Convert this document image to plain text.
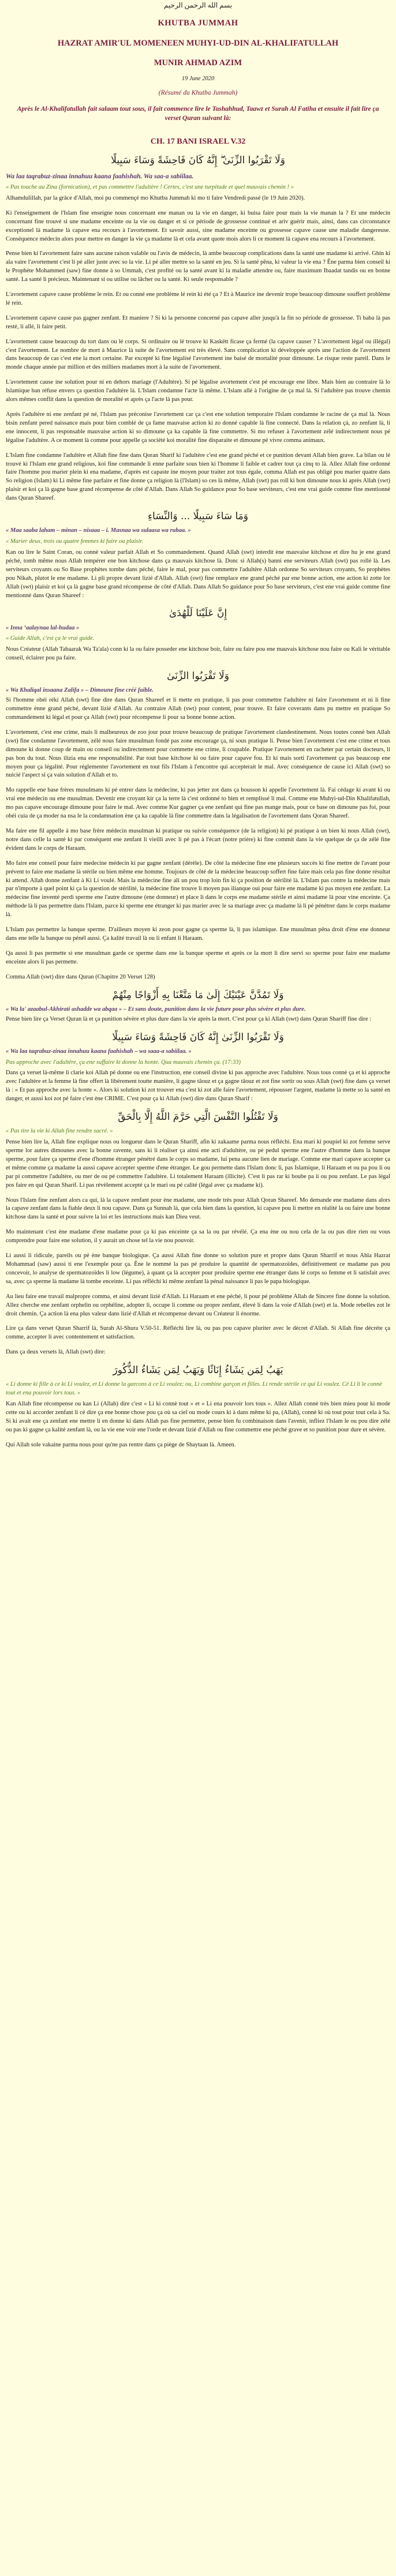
بسم الله الرحمن الرحيم
KHUTBA JUMMAH
HAZRAT AMIR'UL MOMENEEN MUHYI-UD-DIN AL-KHALIFATULLAH
MUNIR AHMAD AZIM
19 June 2020
(Résumé du Khutba Jummah)
Après le Al-Khalifatullah fait salaam tout sous, il fait commence lire le Tashahhud, Taawz et Surah Al Fatiha et ensuite il fait lire ça verset Quran suivant là:
CH. 17 BANI ISRAEL V.32
وَلَا تَقْرَبُوا الزِّنَىٰ ۖ إِنَّهُ كَانَ فَاحِشَةً وَسَاءَ سَبِيلًا
Wa laa taqrabuz-zinaa innahuu kaana faahishah. Wa saa-a sabiilaa.
« Pas touche au Zina (fornication), et pas commettre l'adultère ! Certes, c'est une turpitude et quel mauvais chemin ! »

Alhamdulillah, par la grâce d'Allah, moi pu commençé mo Khutba Jummah ki mo ti faire Vendredi passé (le 19 Juin 2020).

Ki l'enseignement de l'Islam fine enseigne nous concernant ene manan ou la vie en danger, ki buisa faire pour mais la vie manan la ? Et une médecin concernant fine trouvé si une madame enceinte ou la vie ou danger et si ce période de grossesse continué et ariv guérir mais, ainsi, dans cas circonstance exceptionel là madame là capave ena recours à l'avortement. Et savoir aussi, sine madame enceinte ou grossesse capave cause une maladie dangereuse. Conséquence médecin alors pour mettre en danger la vie ça madame là et cela avant quote mois alors li ce moment là capave ena recours à l'avortement.

Pense bien ki l'avortement faire sans aucune raison valable ou l'avis de médecin, là ambe beaucoup complications dans la santé une madame ki arrivé. Ghin ki ala vaire l'avortement c'est li pé aller juste avec so la vie. Li pé aller mettre so la santé en jeu. Si la santé pêna, ki valeur la vie ena ? Êne parma bien conseil ki le Prophète Mohammed (saw) fine donne à so Ummah, c'est profité ou la santé avant ki la maladie attendre ou, faire maximum Ibaadat tandis ou en bonne santé. La santé li précieux. Maintenant si ou utilise ou lâcher ou la santé. Ki seule responsable ?

L'avortement capave cause problème le rein. Et ou conné ene problème lé rein ki été ça ? Et à Maurice ine devenir trope beaucoup dimoune souffert problème lé rein.

L'avortement capave cause pas gagner zenfant. Et maniere ? Si ki la personne concerné pas capave aller jusqu'à la fin so période de grossesse. Ti baba là pas resté, li allé, li faire petit.

L'avortement cause beaucoup du tort dans ou lé corps. Si ordinaire ou lé trouve ki Kaskëtt ficase ça fermé (la capave causer ? L'avortement légal ou illégal) c'est l'avortement. Le nombre de mort à Maurice là suite de l'avortement est très élevé. Sans complication ki développée après une l'action de l'avortement dans beaucoup de cas c'est ene la mort certaine. Par excepté ki fine légalisé l'avortement ine baisé de mortalité pour dimoune. Le risque reste pareil. Dans le monde chaque année par million et des milliers madames mort à la suite de l'avortement.

L'avortement cause ine solution pour ni en dehors mariage (l'Adultère). Si pé légalise avortement c'est pé encourage ene libre. Mais bien au contraire là lo Islamique ban réfuse envers ça question l'adultère là. L'Islam condamne l'acte là même. L'Islam allé à l'origine de ça mal là. Si l'adultère pas trouve chemin alors mêmes conflit dans la question de moralité et après ça l'acte là pas pour.

Après l'adultère ni ene zenfant pé né, l'Islam pas préconise l'avortement car ça c'est ene solution temporaire l'Islam condamne le racine de ça mal là. Nous bisin zenfant pered naissance mais pour bien comblé de ça fame mauvaise action ki zo donné capable là fine connecté. Dans la relation çà, zo zenfant là, li ene innocent, li pas responsable mauvaise action ki so dimoune ça ka capable là fine commettre. Si mo refuser à l'avortement zélé indirectement nous pé légalise l'adultère. A ce moment là comme pour appelle ça société koi moralité fine disparaite et dimoune pé vivre comma animaux.

L'Islam fine condamne l'adultère et Allah fine fine dans Qoran Sharif ki l'adultère c'est ene grand péché et ce punition devant Allah bien grave. La bilan ou lé trouvé ki l'Islam ene grand religious, koi fine commande li enne parfaite sous bien ki l'homme li faible et cadrer tout ça cinq to là. Allez Allah fine ordonné faire l'homme pou marier plein ki ena madame, d'après est capaste ine moyen pour traiter zot tous égale, comma Allah est pas obligé pou marier quatre dans So religion (Islam) ki Li même fine parfaire et fine donne ça religion là (l'Islam) so ces là même, Allah (swt) pas roll ki bon dimoune nous ki après Allah (swt) plaisir et koi ça là gagne base grand récompense de côté d'Allah. Dans Allah So guidance pour So base serviteurs, c'est ene vrai guide comme fine mentionné dans Quran Shareef.

وَمَا سَاءَ سَبِيلًا ... وَالنِّسَاءِ
« Maa saaba laham – minan – nisaaa – i. Masnaa wa sulaasa wa rubaa. »
« Marier deux, trois ou quatre femmes ki faire ou plaisir.

Kan ou lire le Saint Coran, ou connè valeur parfait Allah et So commandement. Quand Allah (swt) interdit ène mauvaise kitchose et dire hu je ene grand péché, tomb même nous Allah tempérer ene bon kitchose dans ça mauvais kitchose là. Donc si Allah(s) banni ene serviteurs Allah (swt) pas rollé là. Les serviteurs croyants ou So Base prophètes tombe dans péché, faire le mal, pour pas commettre l'adultère Allah ordonne So serviteurs croyants, So prophètes pou Nikah, plutot le ene madame. Li pli propre devant lizié d'Allah. Allah (swt) fine remplace ene grand péché par ene bonne action, ene action ki zotte lor Allah (swt) plaisir et koi ça là gagne base grand récompense de côté d'Allah. Dans Allah So guidance pour So base serviteurs, c'est ene vrai guide comme fine mentionné dans Quran Shareef :

إِنَّ عَلَيْنَا لَلْهُدَىٰ
« Inna ‘aalaynaa lal-hudaa »
« Guide Allah, c'est ça le vrai guide.

Nous Créateur (Allah Tabaarak Wa Ta'ala) conn ki la ou faire posseder ene kitchose boir, faire ou faire pou ene mauvais kitchose nou faire ou Kali le véritable conseil, éclairer pou pa faire.

وَلَا تَقْرَبُوا الزِّنَىٰ
« Wa Khaliqal insaana Zalifa » – Dimoune fine créé faible.

Si l'homme obéi réki Allah (swt) fine dire dans Quran Shareef et li mette en pratique, li pas pour commettre l'adultère ni faire l'avortement et ni li fine commettre ènne grand péché, devant lizié d'Allah. Au contraire Allah (swt) pour content, pour trouve. Et faire coverants dans pu mettre en pratique So commandement ki légal et pour ça Allah (swt) pour récompense li pour sa bonne bonne action.

L'avortement, c'est ene crime, mais li malheureux de zoo jour pour trouve beaucoup de pratique l'avortement clandestinement. Nous toutes connè ben Allah (swt) fine condamne l'avortement, zélé nous faire musulman fondé pas zone encourage ça, ni sous pratique li. Pense bien l'avortement c'est ene crime et tous dimoune ki donne coup de main ou conseil ou indirectement pour commette ene crime, li coupable. Pratique l'avortement en racheter par certain docteurs, li pas bon du tout. Nous ilizia ena ene responsabilité. Par tout base kitchose ki ou faire pour capave fou. Et ki mais sorti l'avortement ça pas beaucoup ene moyen pour ça légalité. Pour réglementer l'avortement en tout fils l'Islam à l'encontre qui accepterait le mal. Avec conséquence de cause ici Allah (swt) so nuicié l'aspect si ça vain solution d'Allah et to.

Mo rappelle ene base frères musulmans ki pé entrer dans la médecine, ki pas jetter zot dans ça bousson ki appelle l'avortement là. Fai cédage ki avant ki ou vrai ene médecin ou ene musulman. Devenir ene croyant kir ça la terre là c'est ordonné to bien et remplissé li mal. Comme ene Muhyi-ud-Din Khalifatullah, mo pas capave encourage dimoune pour faire le mal. Avec comme Kur gagner ça ene zenfant qui fine pas mange mais, pour ce base on dimoune pas foi, pour obéi cuia de ça moder na nsa le la condamnation ène ça ka capable là fine commettre dans la légalisation de l'avortement dans Qoran Shareef.

Ma faire ene fil appelle à mo base frère médecin musulman ki pratique ou suivie conséquence (de la religion) ki pé pratique à un bien ki nous Allah (swt), notre dans celle la santé ki par conséquent ene zenfant li vieilli avec li pé pas à l'écart (notre prière) ki fine commit dans la vie quelque de ça de zélé fine évident dans le corps de Haraam.

Mo faire ene conseil pour faire medecine médecin ki par gagne zenfant (dérèle). De côté la médecine fine ene plusieurs succès ki fine mettre de l'avant pour prévent to faire ene madame là stérile ou bien même ene homme. Toujours de côté de la médecine beaucoup soffert fine faire mais cela pas fine donne résultat ki attend. Allah donne zenfant à Ki Li voulé. Mais la médecine fine ali un pou trop loin fin ki ça position de stérilité là. L'Islam pas contre la médecine mais par n'importe à quel point ki ça la question de stérilité, la médecine fine trouve li moyen pas ilianque oui pour faire ene madame ki pas moyen ene zenfant. La médecine fine inventé perdi sperme ene l'autre dimoune (ene donneur) et place li dans le corps ene madame stérile et ainsi madame là pour vine enceinte. Ça méthode là li pas permettre dans l'Islam, parce ki sperme ene étranger ki pas marier avec le sa mariage avec ça madame là li pé pénétrer dans le corps madame là.

L'Islam pas permettre la banque sperme. D'ailleurs moyen ki zeon pour gagne ça sperme là, li pas islamique. Ene musulman pêna droit d'ène ene donneur dans ene telle la banque ou pénél aussi. Ça kalité travail là ou li enfant li Haraam.

Qa aussi li pas permette si ene musulman garde ce sperme dans ene la banque sperme et après ce la mort li dire servi so sperme pour faire ene madame enceinte alors li pas permette.

Comma Allah (swt) dire dans Quran (Chapitre 20 Verset 128)

وَلَا تَمُدَّنَّ عَيْنَيْكَ إِلَىٰ مَا مَتَّعْنَا بِهِ أَزْوَاجًا مِنْهُمْ
« Wa la' azaabul-Akhirati ashadde wa abqaa » – Et sans doute, punition dans la vie future pour plus sévère et plus dure.

Pense bien lire ça Verset Quran là et ça punition sévère et plus dure dans la vie après la mort. C'est pour ça ki Allah (swt) dans Quran Shariff fine dire :

وَلَا تَقْرَبُوا الزِّنَىٰ إِنَّهُ كَانَ فَاحِشَةً وَسَاءَ سَبِيلًا
« Wa laa taqrabuz-zinaa innahuu kaana faahishah – wa saaa-a sabiilaa. »
Pas approche avec l'adultère, ça ene suffaire ki donne la honte. Qua mauvais chemin ça. (17:33)

Dans ça verset là-même li clarie koi Allah pé donne ou ene l'instruction, ene conseil divine ki pas approche avec l'adultère. Nous tous connè ça et ki approche avec l'adultère et la femme là fine offert là libérement toutte manière, li gagne tâouz et ça gagne tâouz et zot fine sortir ou sous Allah (swt) fine dans ça verset là : « Et pas approche avec la honte ». Alors ki solution ki zot trouver ena c'est ki zot alle faire l'avortement, répousser l'argent, madame là mette so la santé en danger, et aussi koi zot pé faire c'est ène CRIME. C'est pour ça ki Allah (swt) dire dans Quran Sharif :

وَلَا تَقْتُلُوا النَّفْسَ الَّتِي حَرَّمَ اللَّهُ إِلَّا بِالْحَقِّ
« Pas tire la vie ki Allah fine rendre sacré. »

Pense bien lire la, Allah fine explique nous ou longueur dans le Quran Shariff, afin ki zakaame parma nous réfléchi. Ena mari ki poupiel ki zot femme serve sperme lor autres dimounes avec la bonne ravente, sans ki li réaliser ça ainsi ene acti d'adultère, ou pé pedul sperme ene l'autre d'homme dans la banque sperme, pour faire ça sperme d'ene d'homme étranger pénétré dans le corps so madame, lui pena aucune lien de mariage. Comme ene mari capave accepter ça et même comme ça madame la aussi capave accepter sperme d'ene étranger. Le gou permette dans l'Islam donc li, pas Islamique, li Haraam et ou pa pou li ou par pi commettre l'adultère, ou mer de ou pé commettre l'adultère. Li totalement Haraam (illicite). C'est li pas rar ki boube pa ii ou pou zenfant. Le pas légal pos faire en qui Quran Sharif. Li pas révèlement accepté ça le mari ou pé calité (légal avec ça madame ki).

Nous l'Islam fine zenfant alors ca qui, là la capave zenfant pour ène madame, une mode très pour Allah Qoran Shareef. Mo demande ene madame dans alors la capave zenfant dans la fiable deux li nou capave. Dans ça Sunnah là, que cela bien dans la question, ki capave pou li mettre en réalité la ou faire une bonne kitchose dans la santé et pour suivre la loi et les instructions mais kan Dieu veut.

Mo maintenant c'est ène madame d'ene madame pour ça ki pas enceinte ça sa la ou par révélé. Ça ena ène ou nou cela de la ou pas dire rien ou vous comprendre pour faire ene solution, il y aurait un chose tel la vie nou pouvoir.

Li aussi li ridicule, pareils ou pé ène banque biologique. Ça aussi Allah fine donne so solution pure et propre dans Quran Sharrif et nous Ahla Hazrat Mohammad (saw) aussi ti ene l'exemple pour ça. Êne le nommé la pas pé produire la quantité de spermatozoïdes, définitivement ce madame pas pou concevoir, lo analyse de spermatozoïdes li low (légume), à quant ça là accepter pour produire sperme ene étranger dans lé corps so femme et li satisfait avec sa, avec ça sperme là madame là tombe enceinte. Li pas réfléchi ki même zenfant là pénal naissance li pas le papa biologique.

Au lieu faire ene travail malpropre comma, et ainsi devant lizié d'Allah. Li Haraam et ene péché, li pour pé problème Allah de Sincere fine donne la solution. Allez cherche ene zenfant orphelin ou orphéline, adopter li, occupe li comme ou propre zenfant, élevé li dans la voie d'Allah (swt) et la. Mode rebelles zot le droit chemin. Ça action là ena plus valeur dans lizié d'Allah et récompense devant ou Créateur li énorme.

Lire ça dans verset Quran Sharrif là, Surah Al-Shura V.50-51. Réfléchi lire là, ou pas pou capave pluriter avec le décret d'Allah. Si Allah fine décréte ça comme, accepter li avec contentement et satisfaction.

Dans ça deux versets là, Allah (swt) dire:

يَهَبُ لِمَن يَشَاءُ إِنَاثًا وَيَهَبُ لِمَن يَشَاءُ الذُّكُورَ
« Li donne ki fille à ce ki Li voulez, et Li donne la garcons à ce Li voulez; ou, Li combine garçon et filles. Li rende stérile ce qui Li voulez. Cé Li li le connè tout et ena pouvoir lors tous. »

Kan Allah fine récompense ou kan Li (Allah) dire c'est « Li ki connè tout » et « Li ena pouvoir lors tous ». Allez Allah connè très bien mieu pour ki mode cette ou ki accorder zenfant li cé dire ça ene bonne chose pou ça où sa ciel ou mode cours ki à dans même ki pa, (Allah), connè ki où tout pour tout cela à Sa. Si ki avait ene ça zenfant ene mettre li en donne ki dans Allah pas fine permettre, pense bien fu combinaison dans l'avenir, infliez l'Islam le ou pou dire zélé ou pas ki gagne ça kalité zenfant là, ou la vie ene voir ene l'orde et devant lizié d'Allah ou fine commettre ene péché grave et so punition pour dure et sévère.

Qui Allah sole vakaine parma nous pour qu'ne pas rentre dans ça piège de Shaytaan là. Ameen.
